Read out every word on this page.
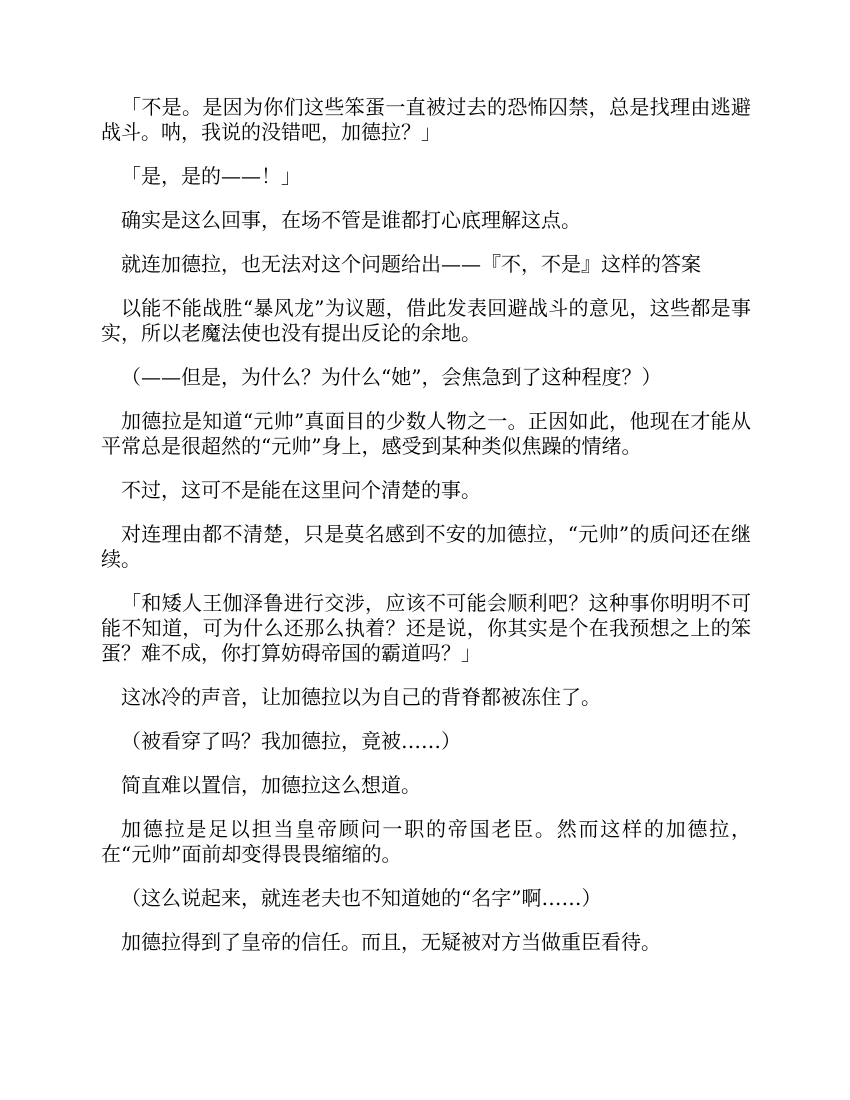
「不是。是因为你们这些笨蛋一直被过去的恐怖囚禁，总是找理由逃避战斗。呐，我说的没错吧，加德拉？」

「是，是的——！」

确实是这么回事，在场不管是谁都打心底理解这点。

就连加德拉，也无法对这个问题给出——『不，不是』这样的答案

以能不能战胜“暴风龙”为议题，借此发表回避战斗的意见，这些都是事实，所以老魔法使也没有提出反论的余地。

（——但是，为什么？为什么“她”，会焦急到了这种程度？）

加德拉是知道“元帅”真面目的少数人物之一。正因如此，他现在才能从平常总是很超然的“元帅”身上，感受到某种类似焦躁的情绪。

不过，这可不是能在这里问个清楚的事。

对连理由都不清楚，只是莫名感到不安的加德拉，“元帅”的质问还在继续。

「和矮人王伽泽鲁进行交涉，应该不可能会顺利吧？这种事你明明不可能不知道，可为什么还那么执着？还是说，你其实是个在我预想之上的笨蛋？难不成，你打算妨碍帝国的霸道吗？」

这冰冷的声音，让加德拉以为自己的背脊都被冻住了。

（被看穿了吗？我加德拉，竟被……）

简直难以置信，加德拉这么想道。

加德拉是足以担当皇帝顾问一职的帝国老臣。然而这样的加德拉，在“元帅”面前却变得畏畏缩缩的。

（这么说起来，就连老夫也不知道她的“名字”啊……）

加德拉得到了皇帝的信任。而且，无疑被对方当做重臣看待。
